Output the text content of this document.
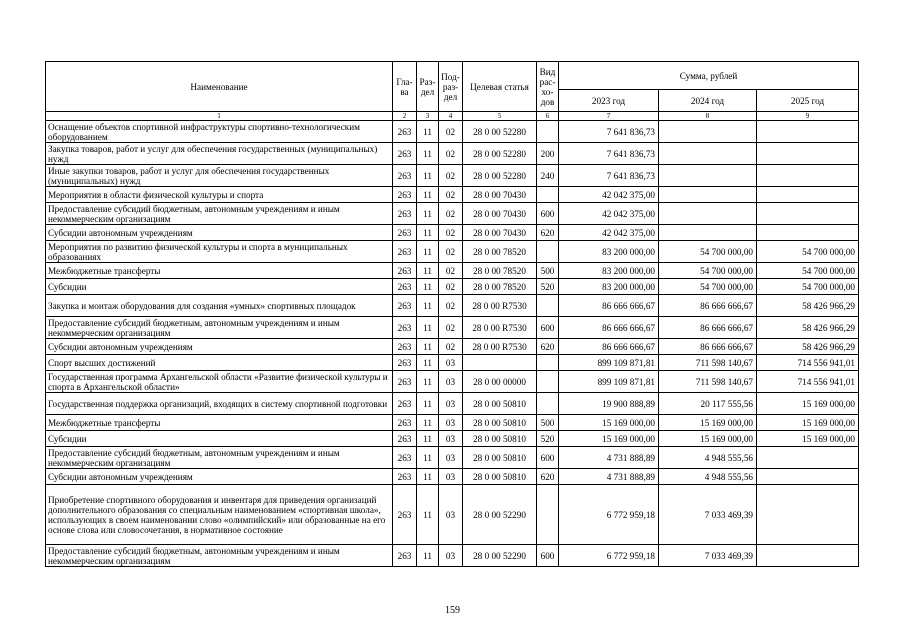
Наименование	Гла-ва	Раз-дел	Под-раз-дел	Целевая статья	Вид рас-хо-дов	Сумма, рублей		
						2023 год	2024 год	2025 год
1	2	3	4	5	6	7	8	9
Оснащение объектов спортивной инфраструктуры спортивно-технологическим оборудованием	263	11	02	28 0 00 52280		7 641 836,73		
Закупка товаров, работ и услуг для обеспечения государственных (муниципальных) нужд	263	11	02	28 0 00 52280	200	7 641 836,73		
Иные закупки товаров, работ и услуг для обеспечения государственных (муниципальных) нужд	263	11	02	28 0 00 52280	240	7 641 836,73		
Мероприятия в области физической культуры и спорта	263	11	02	28 0 00 70430		42 042 375,00		
Предоставление субсидий бюджетным, автономным учреждениям и иным некоммерческим организациям	263	11	02	28 0 00 70430	600	42 042 375,00		
Субсидии автономным учреждениям	263	11	02	28 0 00 70430	620	42 042 375,00		
Мероприятия по развитию физической культуры и спорта в муниципальных образованиях	263	11	02	28 0 00 78520		83 200 000,00	54 700 000,00	54 700 000,00
Межбюджетные трансферты	263	11	02	28 0 00 78520	500	83 200 000,00	54 700 000,00	54 700 000,00
Субсидии	263	11	02	28 0 00 78520	520	83 200 000,00	54 700 000,00	54 700 000,00
Закупка и монтаж оборудования для создания «умных» спортивных площадок	263	11	02	28 0 00 R7530		86 666 666,67	86 666 666,67	58 426 966,29
Предоставление субсидий бюджетным, автономным учреждениям и иным некоммерческим организациям	263	11	02	28 0 00 R7530	600	86 666 666,67	86 666 666,67	58 426 966,29
Субсидии автономным учреждениям	263	11	02	28 0 00 R7530	620	86 666 666,67	86 666 666,67	58 426 966,29
Спорт высших достижений	263	11	03			899 109 871,81	711 598 140,67	714 556 941,01
Государственная программа Архангельской области «Развитие физической культуры и спорта в Архангельской области»	263	11	03	28 0 00 00000		899 109 871,81	711 598 140,67	714 556 941,01
Государственная поддержка организаций, входящих в систему спортивной подготовки	263	11	03	28 0 00 50810		19 900 888,89	20 117 555,56	15 169 000,00
Межбюджетные трансферты	263	11	03	28 0 00 50810	500	15 169 000,00	15 169 000,00	15 169 000,00
Субсидии	263	11	03	28 0 00 50810	520	15 169 000,00	15 169 000,00	15 169 000,00
Предоставление субсидий бюджетным, автономным учреждениям и иным некоммерческим организациям	263	11	03	28 0 00 50810	600	4 731 888,89	4 948 555,56	
Субсидии автономным учреждениям	263	11	03	28 0 00 50810	620	4 731 888,89	4 948 555,56	
Приобретение спортивного оборудования и инвентаря для приведения организаций дополнительного образования со специальным наименованием «спортивная школа», использующих в своем наименовании слово «олимпийский» или образованные на его основе слова или словосочетания, в нормативное состояние	263	11	03	28 0 00 52290		6 772 959,18	7 033 469,39	
Предоставление субсидий бюджетным, автономным учреждениям и иным некоммерческим организациям	263	11	03	28 0 00 52290	600	6 772 959,18	7 033 469,39	
159
